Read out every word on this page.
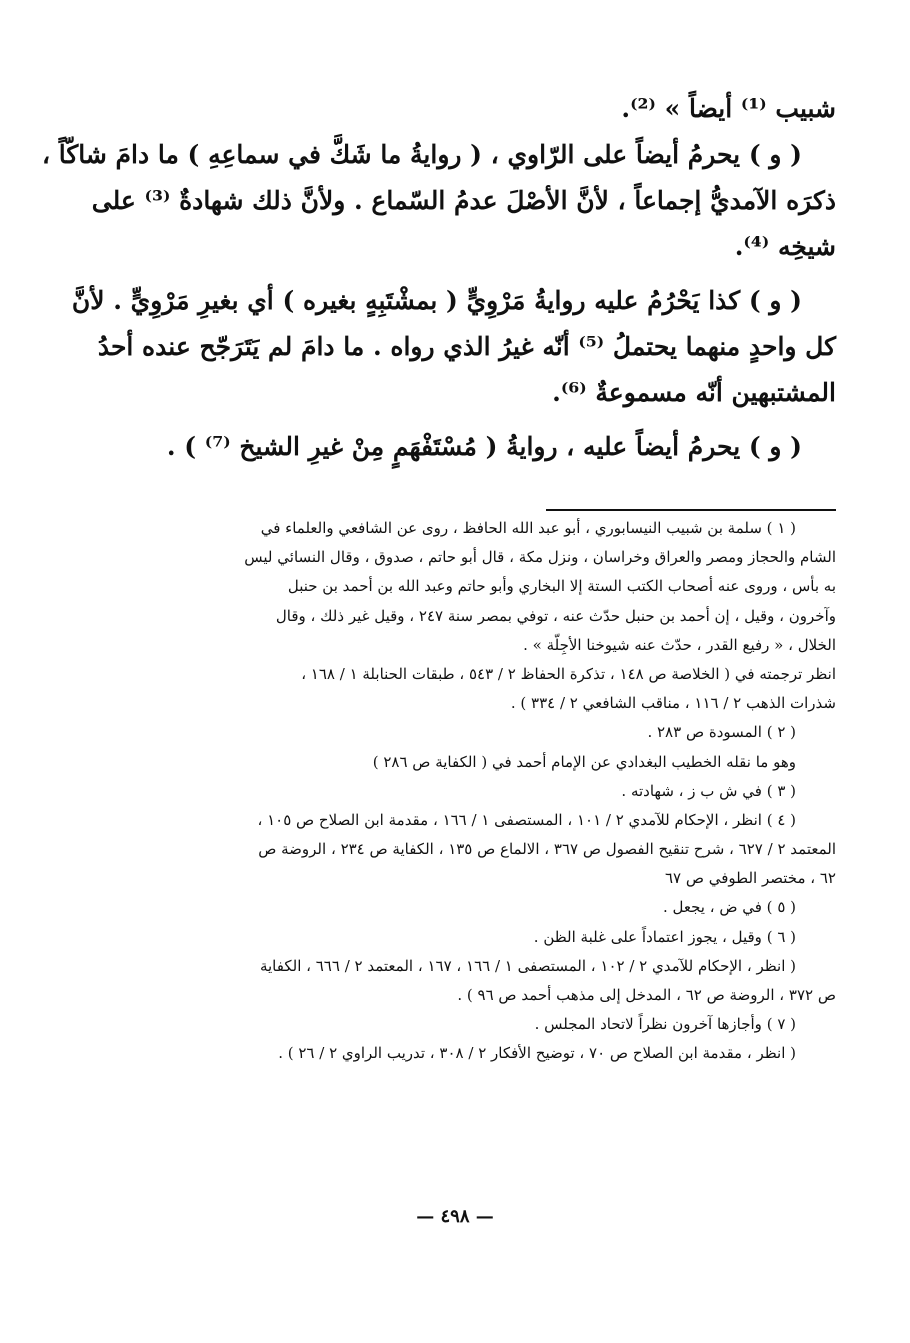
شبيب ⁽¹⁾ أيضاً » ⁽²⁾.
( و ) يحرمُ أيضاً على الرّاوي ، ( روايةُ ما شَكَّ في سماعِهِ ) ما دامَ شاكّاً ،
ذكرَه الآمديُّ إجماعاً ، لأنَّ الأصْلَ عدمُ السّماع . ولأنَّ ذلك شهادةٌ ⁽³⁾ على
شيخِه ⁽⁴⁾.
( و ) كذا يَحْرُمُ عليه روايةُ مَرْوِيٍّ ( بمشْتَبِهٍ بغيره ) أي بغيرِ مَرْوِيٍّ . لأنَّ
كل واحدٍ منهما يحتملُ ⁽⁵⁾ أنّه غيرُ الذي رواه . ما دامَ لم يَتَرَجّح عنده أحدُ
المشتبهين أنّه مسموعةٌ ⁽⁶⁾.
( و ) يحرمُ أيضاً عليه ، روايةُ ( مُسْتَفْهَمٍ مِنْ غيرِ الشيخ ⁽⁷⁾ ) .
( ١ ) سلمة بن شبيب النيسابوري ، أبو عبد الله الحافظ ، روى عن الشافعي والعلماء في
الشام والحجاز ومصر والعراق وخراسان ، ونزل مكة ، قال أبو حاتم ، صدوق ، وقال النسائي ليس
به بأس ، وروى عنه أصحاب الكتب الستة إلا البخاري وأبو حاتم وعبد الله بن أحمد بن حنبل
وآخرون ، وقيل ، إن أحمد بن حنبل حدّث عنه ، توفي بمصر سنة ٢٤٧ ، وقيل غير ذلك ، وقال
الخلال ، « رفيع القدر ، حدّث عنه شيوخنا الأجِلّة » .
انظر ترجمته في ( الخلاصة ص ١٤٨ ، تذكرة الحفاظ ٢ / ٥٤٣ ، طبقات الحنابلة ١ / ١٦٨ ،
شذرات الذهب ٢ / ١١٦ ، مناقب الشافعي ٢ / ٣٣٤ ) .
( ٢ ) المسودة ص ٢٨٣ .
وهو ما نقله الخطيب البغدادي عن الإمام أحمد في ( الكفاية ص ٢٨٦ )
( ٣ ) في ش ب ز ، شهادته .
( ٤ ) انظر ، الإحكام للآمدي ٢ / ١٠١ ، المستصفى ١ / ١٦٦ ، مقدمة ابن الصلاح ص ١٠٥ ،
المعتمد ٢ / ٦٢٧ ، شرح تنقيح الفصول ص ٣٦٧ ، الالماع ص ١٣٥ ، الكفاية ص ٢٣٤ ، الروضة ص
٦٢ ، مختصر الطوفي ص ٦٧
( ٥ ) في ض ، يجعل .
( ٦ ) وقيل ، يجوز اعتماداً على غلبة الظن .
( انظر ، الإحكام للآمدي ٢ / ١٠٢ ، المستصفى ١ / ١٦٦ ، ١٦٧ ، المعتمد ٢ / ٦٦٦ ، الكفاية
ص ٣٧٢ ، الروضة ص ٦٢ ، المدخل إلى مذهب أحمد ص ٩٦ ) .
( ٧ ) وأجازها آخرون نظراً لاتحاد المجلس .
( انظر ، مقدمة ابن الصلاح ص ٧٠ ، توضيح الأفكار ٢ / ٣٠٨ ، تدريب الراوي ٢ / ٢٦ ) .
— ٤٩٨ —
